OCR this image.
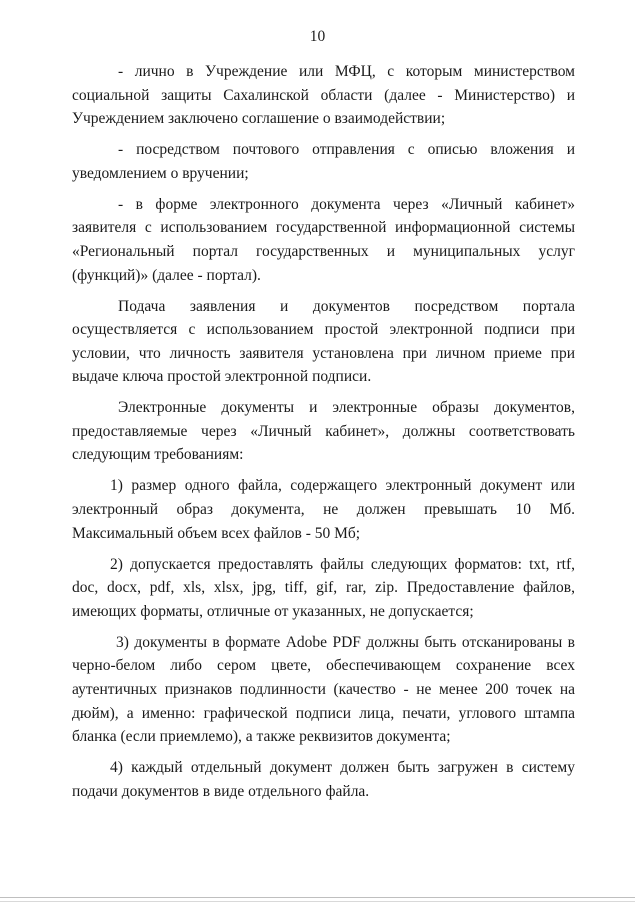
10

- лично в Учреждение или МФЦ, с которым министерством социальной защиты Сахалинской области (далее - Министерство) и Учреждением заключено соглашение о взаимодействии;

- посредством почтового отправления с описью вложения и уведомлением о вручении;

- в форме электронного документа через «Личный кабинет» заявителя с использованием государственной информационной системы «Региональный портал государственных и муниципальных услуг (функций)» (далее - портал).

Подача заявления и документов посредством портала осуществляется с использованием простой электронной подписи при условии, что личность заявителя установлена при личном приеме при выдаче ключа простой электронной подписи.

Электронные документы и электронные образы документов, предоставляемые через «Личный кабинет», должны соответствовать следующим требованиям:

1) размер одного файла, содержащего электронный документ или электронный образ документа, не должен превышать 10 Мб. Максимальный объем всех файлов - 50 Мб;

2) допускается предоставлять файлы следующих форматов: txt, rtf, doc, docx, pdf, xls, xlsx, jpg, tiff, gif, rar, zip. Предоставление файлов, имеющих форматы, отличные от указанных, не допускается;

3) документы в формате Adobe PDF должны быть отсканированы в черно-белом либо сером цвете, обеспечивающем сохранение всех аутентичных признаков подлинности (качество - не менее 200 точек на дюйм), а именно: графической подписи лица, печати, углового штампа бланка (если приемлемо), а также реквизитов документа;

4) каждый отдельный документ должен быть загружен в систему подачи документов в виде отдельного файла.
